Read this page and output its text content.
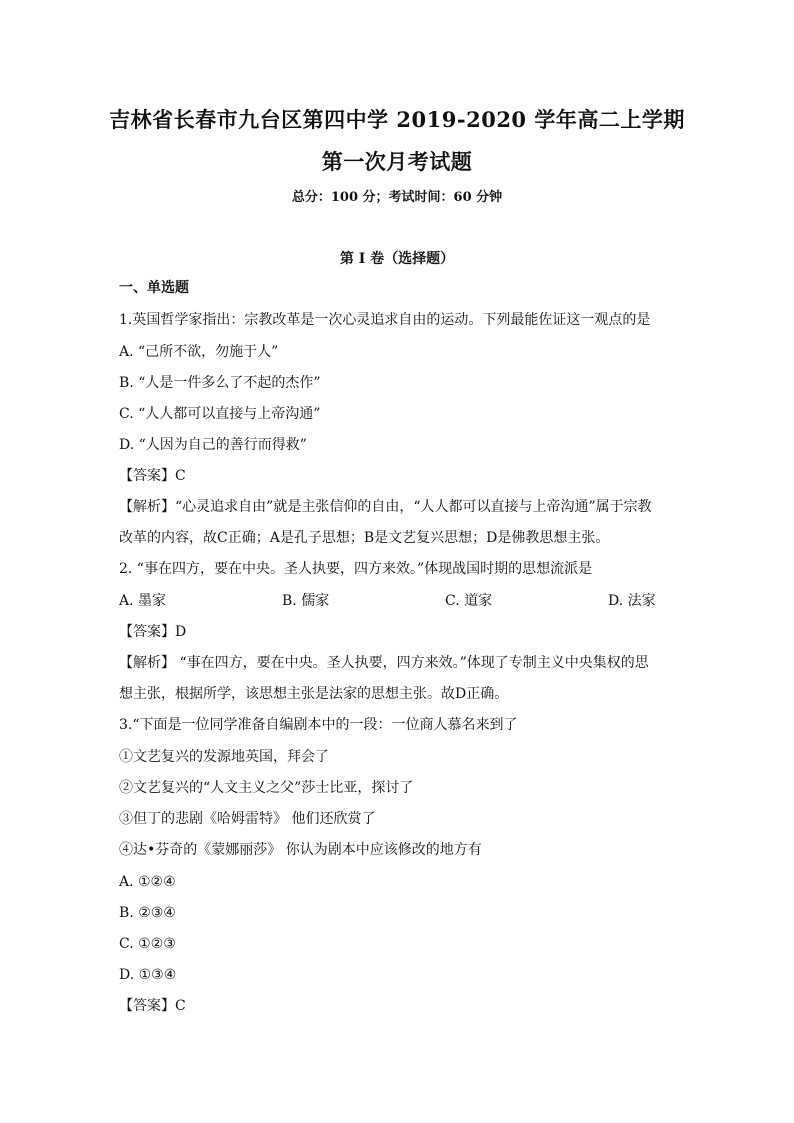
吉林省长春市九台区第四中学 2019-2020 学年高二上学期
第一次月考试题
总分：100 分；考试时间：60 分钟
第 I 卷（选择题）
一、单选题
1.英国哲学家指出：宗教改革是一次心灵追求自由的运动。下列最能佐证这一观点的是
A. “己所不欲，勿施于人”
B. “人是一件多么了不起的杰作”
C. “人人都可以直接与上帝沟通”
D. “人因为自己的善行而得救”
【答案】C
【解析】“心灵追求自由”就是主张信仰的自由，“人人都可以直接与上帝沟通”属于宗教
改革的内容，故C正确；A是孔子思想；B是文艺复兴思想；D是佛教思想主张。
2. “事在四方，要在中央。圣人执要，四方来效。”体现战国时期的思想流派是
A. 墨家	B. 儒家	C. 道家	D. 法家
【答案】D
【解析】 “事在四方，要在中央。圣人执要，四方来效。”体现了专制主义中央集权的思
想主张，根据所学，该思想主张是法家的思想主张。故D正确。
3.“下面是一位同学准备自编剧本中的一段：一位商人慕名来到了
①文艺复兴的发源地英国，拜会了
②文艺复兴的“人文主义之父”莎士比亚，探讨了
③但丁的悲剧《哈姆雷特》 他们还欣赏了
④达•芬奇的《蒙娜丽莎》 你认为剧本中应该修改的地方有
A. ①②④
B. ②③④
C. ①②③
D. ①③④
【答案】C
